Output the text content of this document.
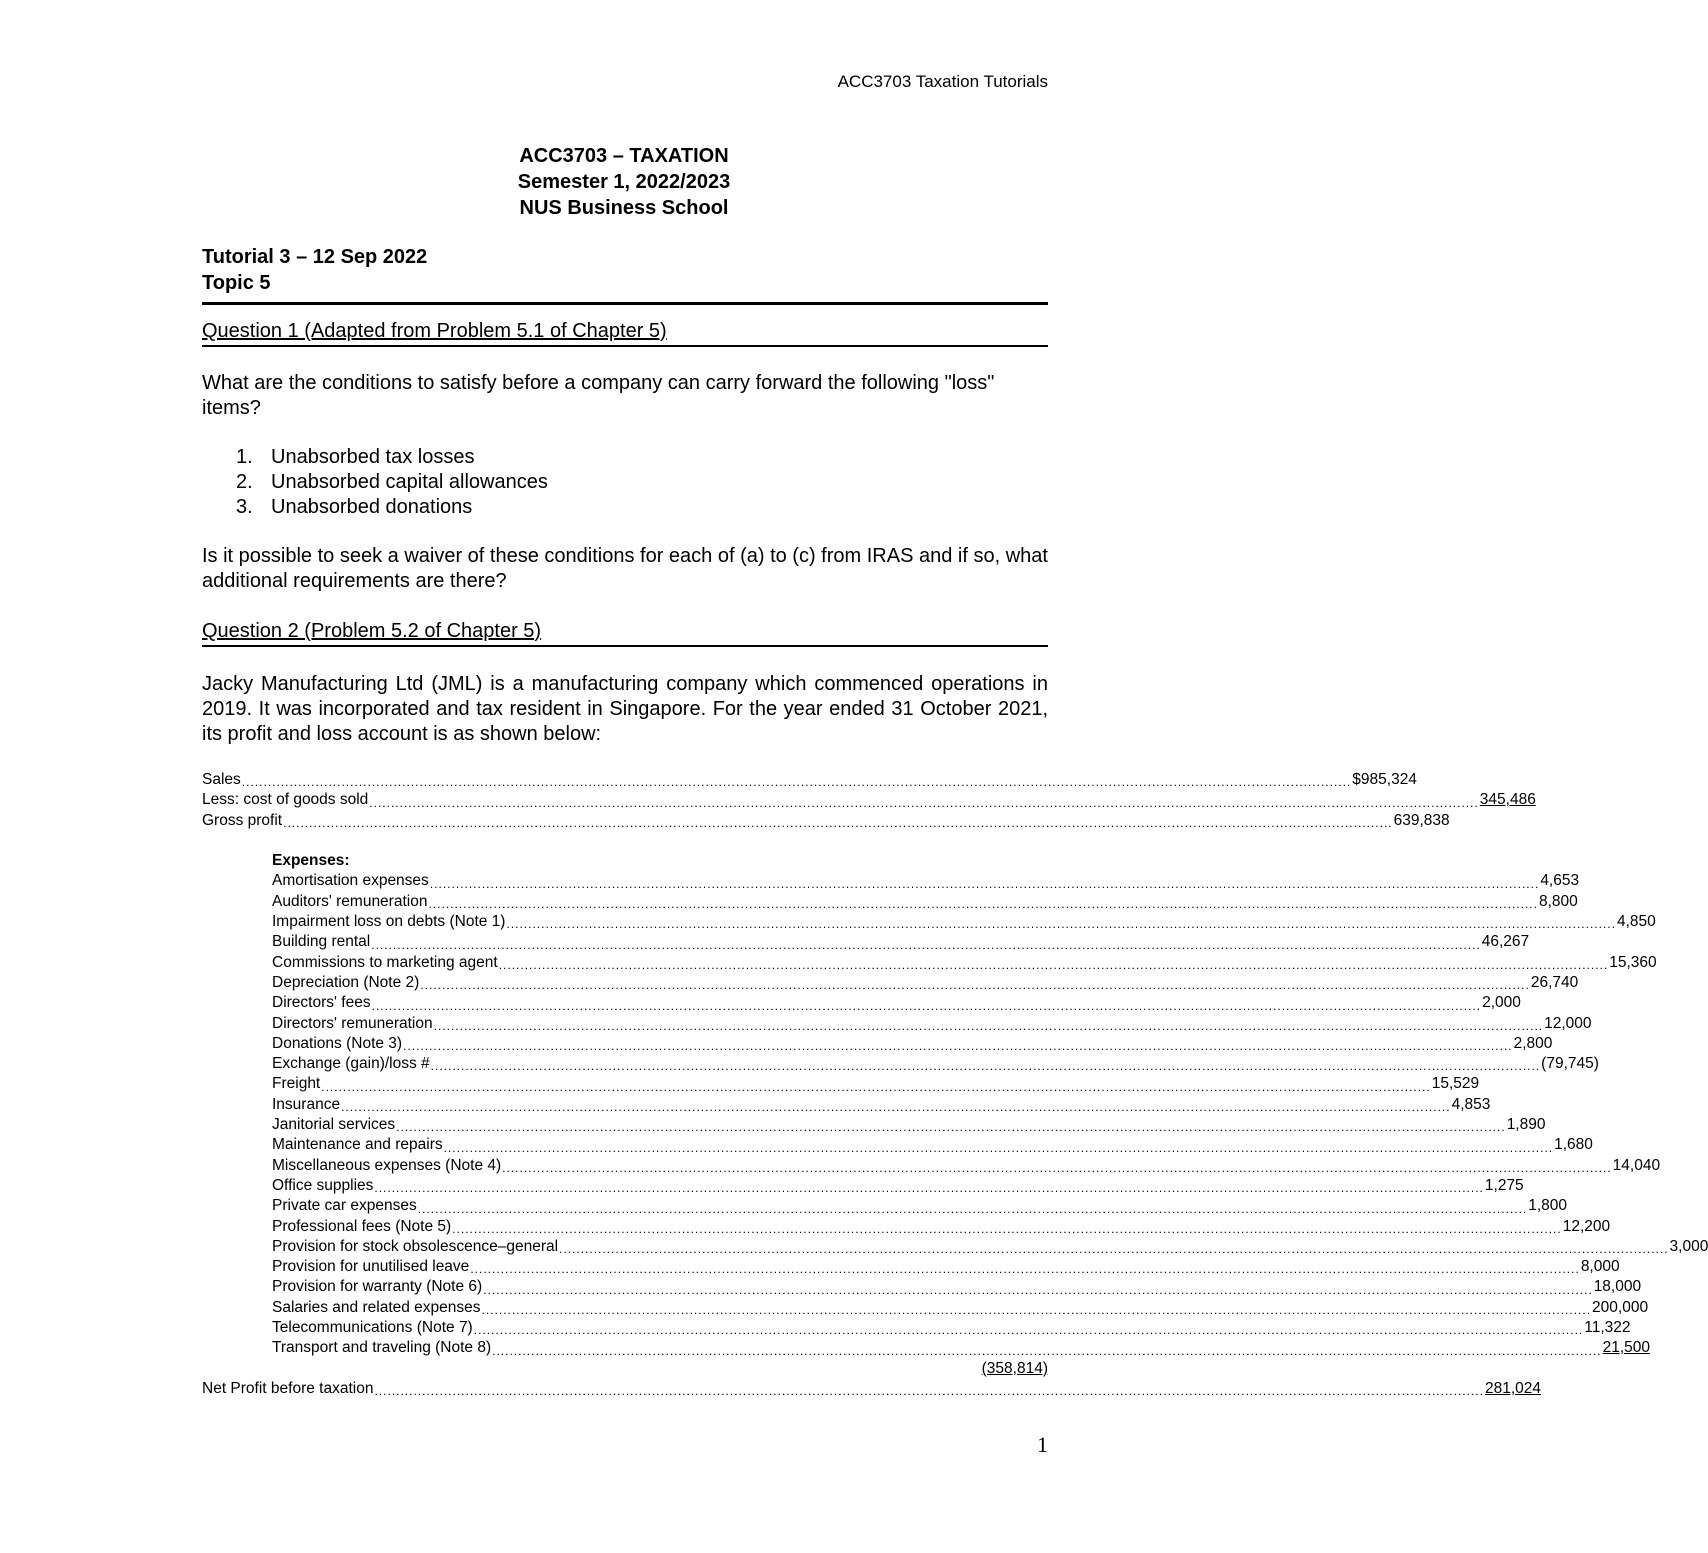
ACC3703 Taxation Tutorials
ACC3703 – TAXATION
Semester 1, 2022/2023
NUS Business School
Tutorial 3 – 12 Sep 2022
Topic 5
Question 1 (Adapted from Problem 5.1 of Chapter 5)
What are the conditions to satisfy before a company can carry forward the following "loss" items?
1. Unabsorbed tax losses
2. Unabsorbed capital allowances
3. Unabsorbed donations
Is it possible to seek a waiver of these conditions for each of (a) to (c) from IRAS and if so, what additional requirements are there?
Question 2 (Problem 5.2 of Chapter 5)
Jacky Manufacturing Ltd (JML) is a manufacturing company which commenced operations in 2019. It was incorporated and tax resident in Singapore. For the year ended 31 October 2021, its profit and loss account is as shown below:
Sales ................................................................................................................................................................................................................................................................ $985,324
Less: cost of goods sold ................................................................................................................................................................................................................................................................ 345,486
Gross profit ................................................................................................................................................................................................................................................................ 639,838
Expenses:
Amortisation expenses ................................................................................................................................................................................................................................................................ 4,653
Auditors' remuneration ................................................................................................................................................................................................................................................................ 8,800
Impairment loss on debts (Note 1) ................................................................................................................................................................................................................................................................ 4,850
Building rental ................................................................................................................................................................................................................................................................ 46,267
Commissions to marketing agent ................................................................................................................................................................................................................................................................ 15,360
Depreciation (Note 2) ................................................................................................................................................................................................................................................................ 26,740
Directors' fees ................................................................................................................................................................................................................................................................ 2,000
Directors' remuneration ................................................................................................................................................................................................................................................................ 12,000
Donations (Note 3) ................................................................................................................................................................................................................................................................ 2,800
Exchange (gain)/loss # ................................................................................................................................................................................................................................................................ (79,745)
Freight ................................................................................................................................................................................................................................................................ 15,529
Insurance ................................................................................................................................................................................................................................................................ 4,853
Janitorial services ................................................................................................................................................................................................................................................................ 1,890
Maintenance and repairs ................................................................................................................................................................................................................................................................ 1,680
Miscellaneous expenses (Note 4) ................................................................................................................................................................................................................................................................ 14,040
Office supplies ................................................................................................................................................................................................................................................................ 1,275
Private car expenses ................................................................................................................................................................................................................................................................ 1,800
Professional fees (Note 5) ................................................................................................................................................................................................................................................................ 12,200
Provision for stock obsolescence–general ................................................................................................................................................................................................................................................................ 3,000
Provision for unutilised leave ................................................................................................................................................................................................................................................................ 8,000
Provision for warranty (Note 6) ................................................................................................................................................................................................................................................................ 18,000
Salaries and related expenses ................................................................................................................................................................................................................................................................ 200,000
Telecommunications (Note 7) ................................................................................................................................................................................................................................................................ 11,322
Transport and traveling (Note 8) ................................................................................................................................................................................................................................................................ 21,500
(358,814)
Net Profit before taxation ................................................................................................................................................................................................................................................................ 281,024
1
